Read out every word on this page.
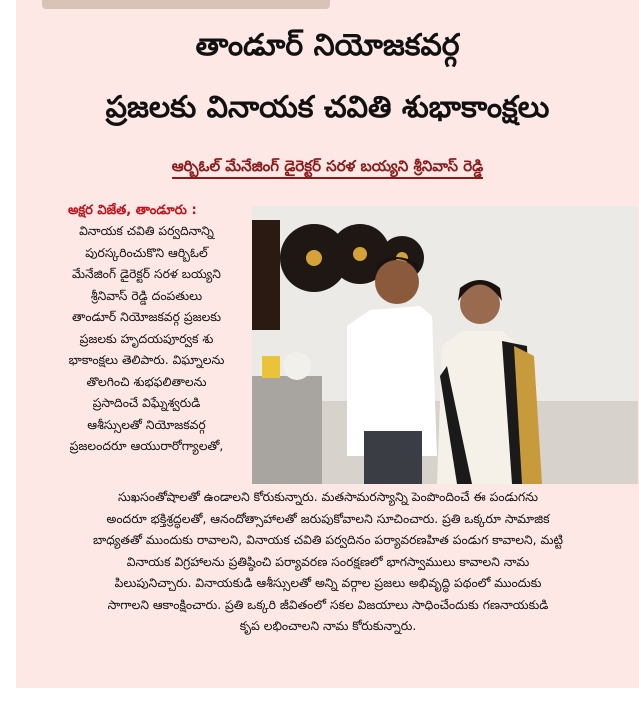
తాండూర్ నియోజకవర్గ
ప్రజలకు వినాయక చవితి శుభాకాంక్షలు
ఆర్బిఓల్ మేనేజింగ్ డైరెక్టర్ సరళ బయ్యని శ్రీనివాస్ రెడ్డి
అక్షర విజేత, తాండూరు :
వినాయక చవితి పర్వదినాన్ని
పురస్కరించుకొని ఆర్బిఓల్
మేనేజింగ్ డైరెక్టర్ సరళ బయ్యని
శ్రీనివాస్ రెడ్డి దంపతులు
తాండూర్ నియోజకవర్గ ప్రజలకు
ప్రజలకు హృదయపూర్వక శు
భాకాంక్షలు తెలిపారు. విఘ్నాలను
తొలగించి శుభఫలితాలను
ప్రసాదించే విఘ్నేశ్వరుడి
ఆశీస్సులతో నియోజకవర్గ
ప్రజలందరూ ఆయురారోగ్యాలతో,
సుఖసంతోషాలతో ఉండాలని కోరుకున్నారు. మతసామరస్యాన్ని పెంపొందించే ఈ పండుగను
అందరూ భక్తిశ్రద్ధలతో, ఆనందోత్సాహాలతో జరుపుకోవాలని సూచించారు. ప్రతి ఒక్కరూ సామాజిక
బాధ్యతతో ముందుకు రావాలని, వినాయక చవితి పర్వదినం పర్యావరణహిత పండుగ కావాలని, మట్టి
వినాయక విగ్రహాలను ప్రతిష్ఠించి పర్యావరణ సంరక్షణలో భాగస్వాములు కావాలని నామ
పిలుపునిచ్చారు. వినాయకుడి ఆశీస్సులతో అన్ని వర్గాల ప్రజలు అభివృద్ధి పథంలో ముందుకు
సాగాలని ఆకాంక్షించారు. ప్రతి ఒక్కరి జీవితంలో సకల విజయాలు సాధించేందుకు గణనాయకుడి
కృప లభించాలని నామ కోరుకున్నారు.
